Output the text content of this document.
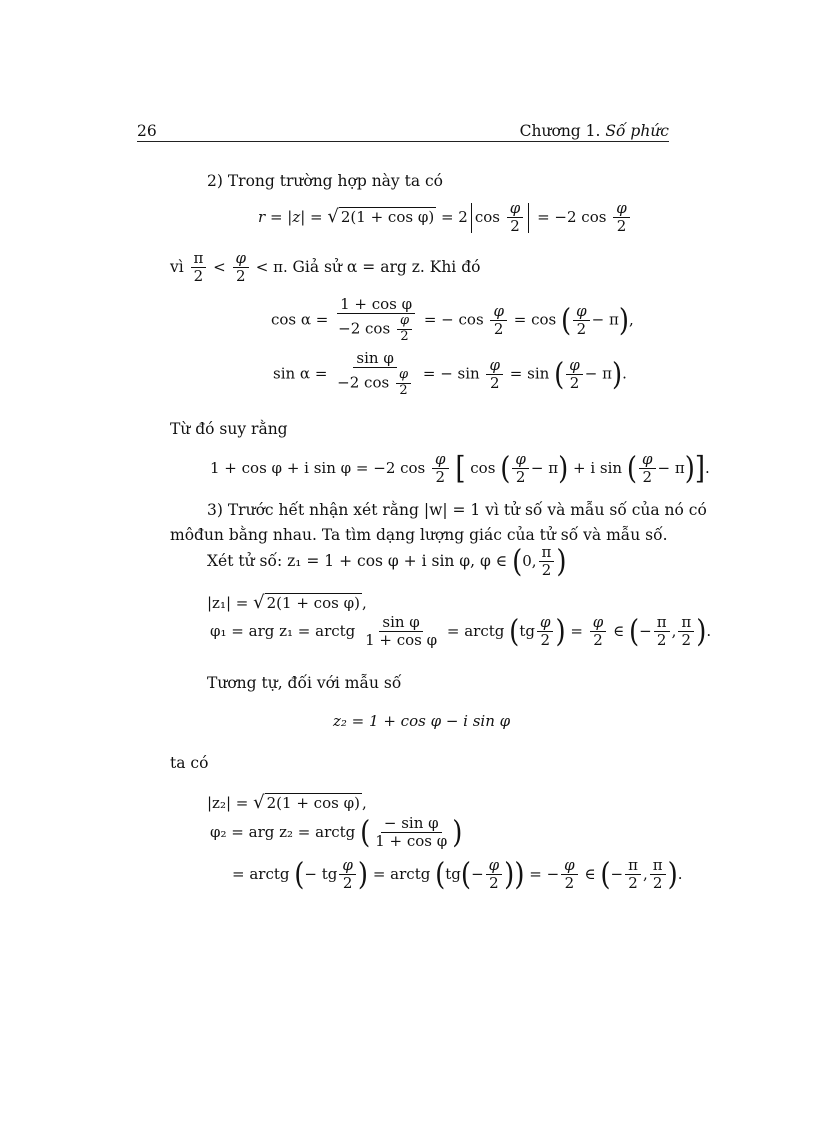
26	Chương 1. Số phức
2) Trong trường hợp này ta có
r = |z| = √ 2(1 + cos φ) = 2 $\cos \frac{\varphi}{2} = -2$ $\cos \frac{\varphi}{2}$
vì $\frac{\pi}{2} < \frac{\varphi}{2} < \pi$. Giả sử α = arg z. Khi đó
$\cos \alpha = \frac{\text{1 + cos φ}}{-2 \cos \frac{\varphi}{2}}$ = − $\cos \frac{\varphi}{2} = \cos$ ( $\frac{\varphi}{2} - \pi$),
$\sin \alpha = \frac{\text{sin φ}}{-2 \cos \frac{\varphi}{2}}$ = − $\sin \frac{\varphi}{2} = \sin$ ( $\frac{\varphi}{2} - \pi$).
Từ đó suy rằng
1 + cos φ + i sin φ = −2 $\cos \frac{\varphi}{2}$ [ cos ( $\frac{\varphi}{2} - \pi) + i$ sin ( $\frac{\varphi}{2} - \pi$)].
3) Trước hết nhận xét rằng |w| = 1 vì tử số và mẫu số của nó có
môđun bằng nhau. Ta tìm dạng lượng giác của tử số và mẫu số.
Xét tử số: z₁ = 1 + cos φ + i sin φ, φ ∈ (0, $\frac{\pi}{2}$ )
|z₁| = √ 2(1 + cos φ) ,
φ₁ = arg z₁ = arctg $\frac{\text{sin φ}}{\text{1 + cos φ}}$ = arctg ($tg \frac{\varphi}{2}$ ) = $\frac{\varphi}{2}$ ∈ (− $\frac{\pi}{2}$ , $\frac{\pi}{2}$ ).
Tương tự, đối với mẫu số
z₂ = 1 + cos φ − i sin φ
ta có
|z₂| = √ 2(1 + cos φ) ,
φ₂ = arg z₂ = arctg ( $\frac{\text{− sin φ}}{\text{1 + cos φ}}$ )
= arctg (− tg $\frac{\varphi}{2}$ ) = arctg ($tg(- \frac{\varphi}{2}$ )) = − $\frac{\varphi}{2}$ ∈ (− $\frac{\pi}{2}$ , $\frac{\pi}{2}$ ).
